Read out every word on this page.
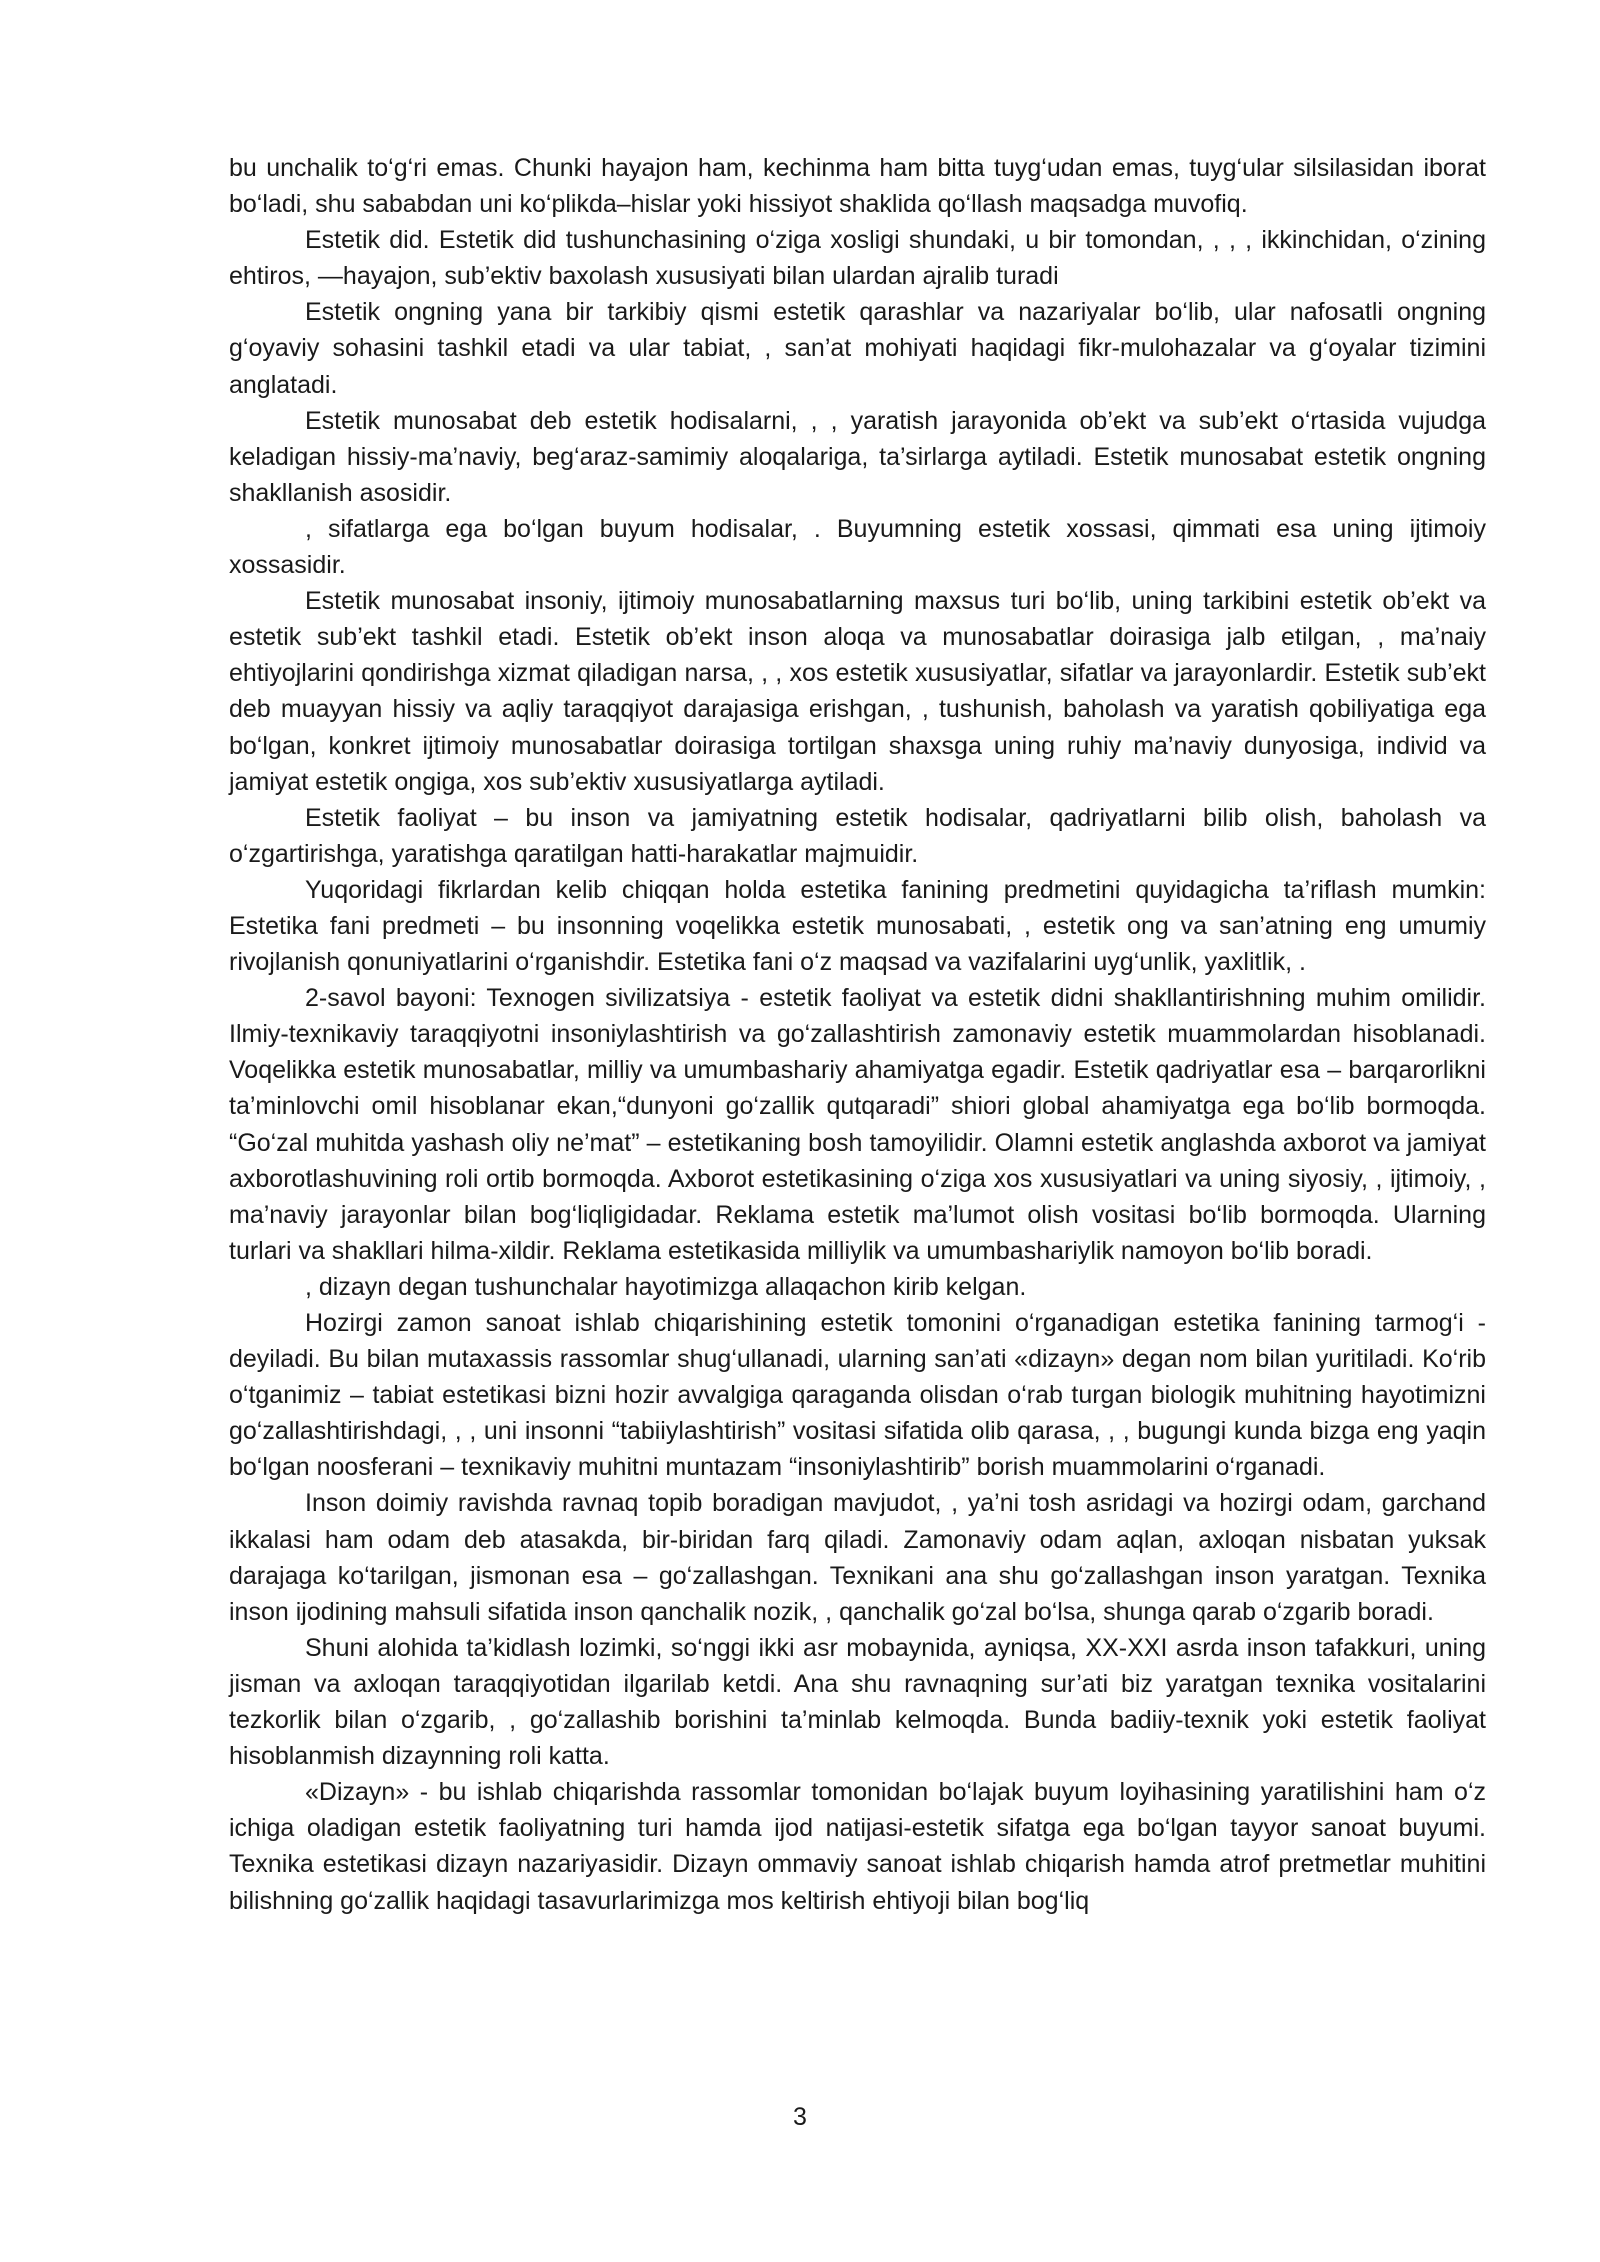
bu unchalik to‘g‘ri emas. Chunki hayajon ham, kechinma ham bitta tuyg‘udan emas, tuyg‘ular silsilasidan iborat bo‘ladi, shu sababdan uni ko‘plikda–hislar yoki hissiyot shaklida qo‘llash maqsadga muvofiq.

Estetik did. Estetik did tushunchasining o‘ziga xosligi shundaki, u bir tomondan, , , , ikkinchidan, o‘zining ehtiros, —hayajon, sub’ektiv baxolash xususiyati bilan ulardan ajralib turadi

Estetik ongning yana bir tarkibiy qismi estetik qarashlar va nazariyalar bo‘lib, ular nafosatli ongning g‘oyaviy sohasini tashkil etadi va ular tabiat, , san’at mohiyati haqidagi fikr-mulohazalar va g‘oyalar tizimini anglatadi.

Estetik munosabat deb estetik hodisalarni, , , yaratish jarayonida ob’ekt va sub’ekt o‘rtasida vujudga keladigan hissiy-ma’naviy, beg‘araz-samimiy aloqalariga, ta’sirlarga aytiladi. Estetik munosabat estetik ongning shakllanish asosidir.

, sifatlarga ega bo‘lgan buyum hodisalar, . Buyumning estetik xossasi, qimmati esa uning ijtimoiy xossasidir.

Estetik munosabat insoniy, ijtimoiy munosabatlarning maxsus turi bo‘lib, uning tarkibini estetik ob’ekt va estetik sub’ekt tashkil etadi. Estetik ob’ekt inson aloqa va munosabatlar doirasiga jalb etilgan, , ma’naiy ehtiyojlarini qondirishga xizmat qiladigan narsa, , , xos estetik xususiyatlar, sifatlar va jarayonlardir. Estetik sub’ekt deb muayyan hissiy va aqliy taraqqiyot darajasiga erishgan, , tushunish, baholash va yaratish qobiliyatiga ega bo‘lgan, konkret ijtimoiy munosabatlar doirasiga tortilgan shaxsga uning ruhiy ma’naviy dunyosiga, individ va jamiyat estetik ongiga, xos sub’ektiv xususiyatlarga aytiladi.

Estetik faoliyat – bu inson va jamiyatning estetik hodisalar, qadriyatlarni bilib olish, baholash va o‘zgartirishga, yaratishga qaratilgan hatti-harakatlar majmuidir.

Yuqoridagi fikrlardan kelib chiqqan holda estetika fanining predmetini quyidagicha ta’riflash mumkin: Estetika fani predmeti – bu insonning voqelikka estetik munosabati, , estetik ong va san’atning eng umumiy rivojlanish qonuniyatlarini o‘rganishdir. Estetika fani o‘z maqsad va vazifalarini uyg‘unlik, yaxlitlik, .

2-savol bayoni: Texnogen sivilizatsiya - estetik faoliyat va estetik didni shakllantirishning muhim omilidir. Ilmiy-texnikaviy taraqqiyotni insoniylashtirish va go‘zallashtirish zamonaviy estetik muammolardan hisoblanadi. Voqelikka estetik munosabatlar, milliy va umumbashariy ahamiyatga egadir. Estetik qadriyatlar esa – barqarorlikni ta’minlovchi omil hisoblanar ekan,“dunyoni go‘zallik qutqaradi” shiori global ahamiyatga ega bo‘lib bormoqda. “Go‘zal muhitda yashash oliy ne’mat” – estetikaning bosh tamoyilidir. Olamni estetik anglashda axborot va jamiyat axborotlashuvining roli ortib bormoqda. Axborot estetikasining o‘ziga xos xususiyatlari va uning siyosiy, , ijtimoiy, , ma’naviy jarayonlar bilan bog‘liqligidadar. Reklama estetik ma’lumot olish vositasi bo‘lib bormoqda. Ularning turlari va shakllari hilma-xildir. Reklama estetikasida milliylik va umumbashariylik namoyon bo‘lib boradi.

, dizayn degan tushunchalar hayotimizga allaqachon kirib kelgan.

Hozirgi zamon sanoat ishlab chiqarishining estetik tomonini o‘rganadigan estetika fanining tarmog‘i - deyiladi. Bu bilan mutaxassis rassomlar shug‘ullanadi, ularning san’ati «dizayn» degan nom bilan yuritiladi. Ko‘rib o‘tganimiz – tabiat estetikasi bizni hozir avvalgiga qaraganda olisdan o‘rab turgan biologik muhitning hayotimizni go‘zallashtirishdagi, , , uni insonni “tabiiylashtirish” vositasi sifatida olib qarasa, , , bugungi kunda bizga eng yaqin bo‘lgan noosferani – texnikaviy muhitni muntazam “insoniylashtirib” borish muammolarini o‘rganadi.

Inson doimiy ravishda ravnaq topib boradigan mavjudot, , ya’ni tosh asridagi va hozirgi odam, garchand ikkalasi ham odam deb atasakda, bir-biridan farq qiladi. Zamonaviy odam aqlan, axloqan nisbatan yuksak darajaga ko‘tarilgan, jismonan esa – go‘zallashgan. Texnikani ana shu go‘zallashgan inson yaratgan. Texnika inson ijodining mahsuli sifatida inson qanchalik nozik, , qanchalik go‘zal bo‘lsa, shunga qarab o‘zgarib boradi.

Shuni alohida ta’kidlash lozimki, so‘nggi ikki asr mobaynida, ayniqsa, XX-XXI asrda inson tafakkuri, uning jisman va axloqan taraqqiyotidan ilgarilab ketdi. Ana shu ravnaqning sur’ati biz yaratgan texnika vositalarini tezkorlik bilan o‘zgarib, , go‘zallashib borishini ta’minlab kelmoqda. Bunda badiiy-texnik yoki estetik faoliyat hisoblanmish dizaynning roli katta.

«Dizayn» - bu ishlab chiqarishda rassomlar tomonidan bo‘lajak buyum loyihasining yaratilishini ham o‘z ichiga oladigan estetik faoliyatning turi hamda ijod natijasi-estetik sifatga ega bo‘lgan tayyor sanoat buyumi. Texnika estetikasi dizayn nazariyasidir. Dizayn ommaviy sanoat ishlab chiqarish hamda atrof pretmetlar muhitini bilishning go‘zallik haqidagi tasavurlarimizga mos keltirish ehtiyoji bilan bog‘liq

3
